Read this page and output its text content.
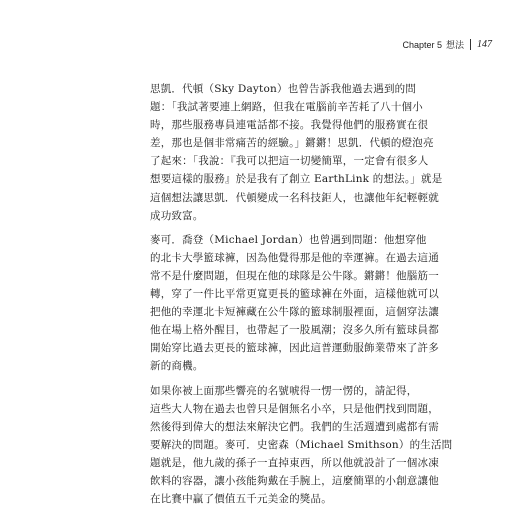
Chapter 5 想法 147
思凱．代頓（Sky Dayton）也曾告訴我他過去遇到的問
題：「我試著要連上網路，但我在電腦前辛苦耗了八十個小
時，那些服務專員連電話都不接。我覺得他們的服務實在很
差，那也是個非常痛苦的經驗。」鏘鏘！思凱．代頓的燈泡亮
了起來：「我說：『我可以把這一切變簡單，一定會有很多人
想要這樣的服務』於是我有了創立 EarthLink 的想法。」就是
這個想法讓思凱．代頓變成一名科技鉅人，也讓他年紀輕輕就
成功致富。
麥可．喬登（Michael Jordan）也曾遇到問題：他想穿他
的北卡大學籃球褲，因為他覺得那是他的幸運褲。在過去這通
常不是什麼問題，但現在他的球隊是公牛隊。鏘鏘！他腦筋一
轉，穿了一件比平常更寬更長的籃球褲在外面，這樣他就可以
把他的幸運北卡短褲藏在公牛隊的籃球制服裡面，這個穿法讓
他在場上格外醒目，也帶起了一股風潮；沒多久所有籃球員都
開始穿比過去更長的籃球褲，因此這普運動服飾業帶來了許多
新的商機。
如果你被上面那些響亮的名號唬得一愣一愣的，請記得，
這些大人物在過去也曾只是個無名小卒，只是他們找到問題，
然後得到偉大的想法來解決它們。我們的生活週遭到處都有需
要解決的問題。麥可．史密森（Michael Smithson）的生活問
題就是，他九歲的孫子一直掉東西，所以他就設計了一個冰凍
飲料的容器，讓小孩能夠戴在手腕上，這麼簡單的小創意讓他
在比賽中贏了價值五千元美金的獎品。
